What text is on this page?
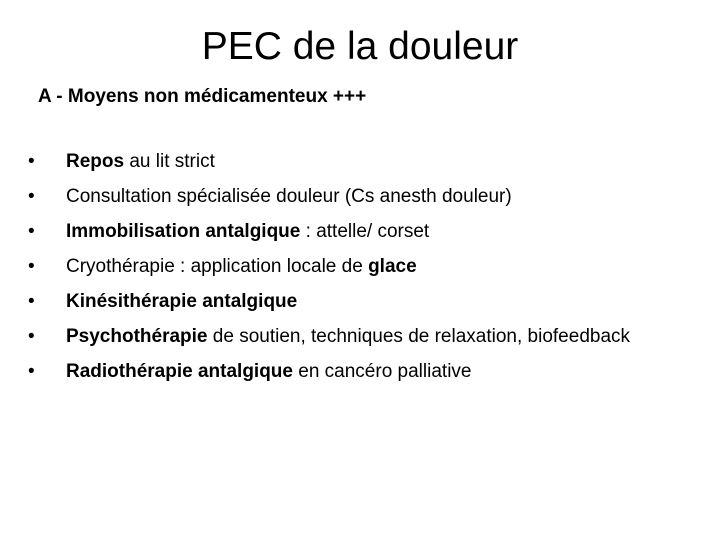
PEC de la douleur

A - Moyens non médicamenteux +++

•	Repos au lit strict
•	Consultation spécialisée douleur (Cs anesth douleur)
•	Immobilisation antalgique : attelle/ corset
•	Cryothérapie : application locale de glace
•	Kinésithérapie antalgique
•	Psychothérapie de soutien, techniques de relaxation, biofeedback
•	Radiothérapie antalgique en cancéro palliative
